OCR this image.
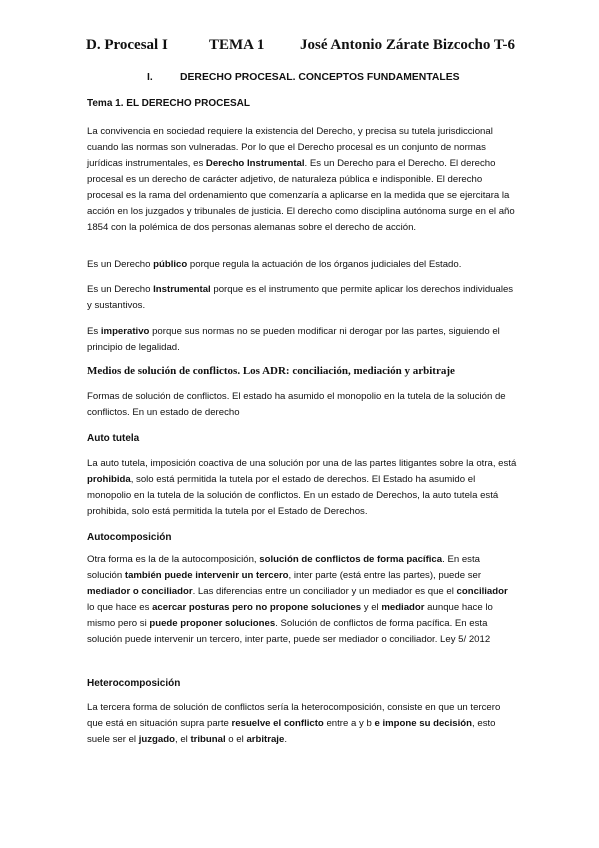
D. Procesal I	TEMA 1 José Antonio Zárate Bizcocho T-6
I.	DERECHO PROCESAL. CONCEPTOS FUNDAMENTALES
Tema 1. EL DERECHO PROCESAL
La convivencia en sociedad requiere la existencia del Derecho, y precisa su tutela jurisdiccional cuando las normas son vulneradas. Por lo que el Derecho procesal es un conjunto de normas jurídicas instrumentales, es Derecho Instrumental. Es un Derecho para el Derecho. El derecho procesal es un derecho de carácter adjetivo, de naturaleza pública e indisponible. El derecho procesal es la rama del ordenamiento que comenzaría a aplicarse en la medida que se ejercitara la acción en los juzgados y tribunales de justicia. El derecho como disciplina autónoma surge en el año 1854 con la polémica de dos personas alemanas sobre el derecho de acción.
Es un Derecho público porque regula la actuación de los órganos judiciales del Estado.
Es un Derecho Instrumental porque es el instrumento que permite aplicar los derechos individuales y sustantivos.
Es imperativo porque sus normas no se pueden modificar ni derogar por las partes, siguiendo el principio de legalidad.
Medios de solución de conflictos. Los ADR: conciliación, mediación y arbitraje
Formas de solución de conflictos. El estado ha asumido el monopolio en la tutela de la solución de conflictos. En un estado de derecho
Auto tutela
La auto tutela, imposición coactiva de una solución por una de las partes litigantes sobre la otra, está prohibida, solo está permitida la tutela por el estado de derechos. El Estado ha asumido el monopolio en la tutela de la solución de conflictos. En un estado de Derechos, la auto tutela está prohibida, solo está permitida la tutela por el Estado de Derechos.
Autocomposición
Otra forma es la de la autocomposición, solución de conflictos de forma pacífica. En esta solución también puede intervenir un tercero, inter parte (está entre las partes), puede ser mediador o conciliador. Las diferencias entre un conciliador y un mediador es que el conciliador lo que hace es acercar posturas pero no propone soluciones y el mediador aunque hace lo mismo pero si puede proponer soluciones. Solución de conflictos de forma pacífica. En esta solución puede intervenir un tercero, inter parte, puede ser mediador o conciliador. Ley 5/ 2012
Heterocomposición
La tercera forma de solución de conflictos sería la heterocomposición, consiste en que un tercero que está en situación supra parte resuelve el conflicto entre a y b e impone su decisión, esto suele ser el juzgado, el tribunal o el arbitraje.
